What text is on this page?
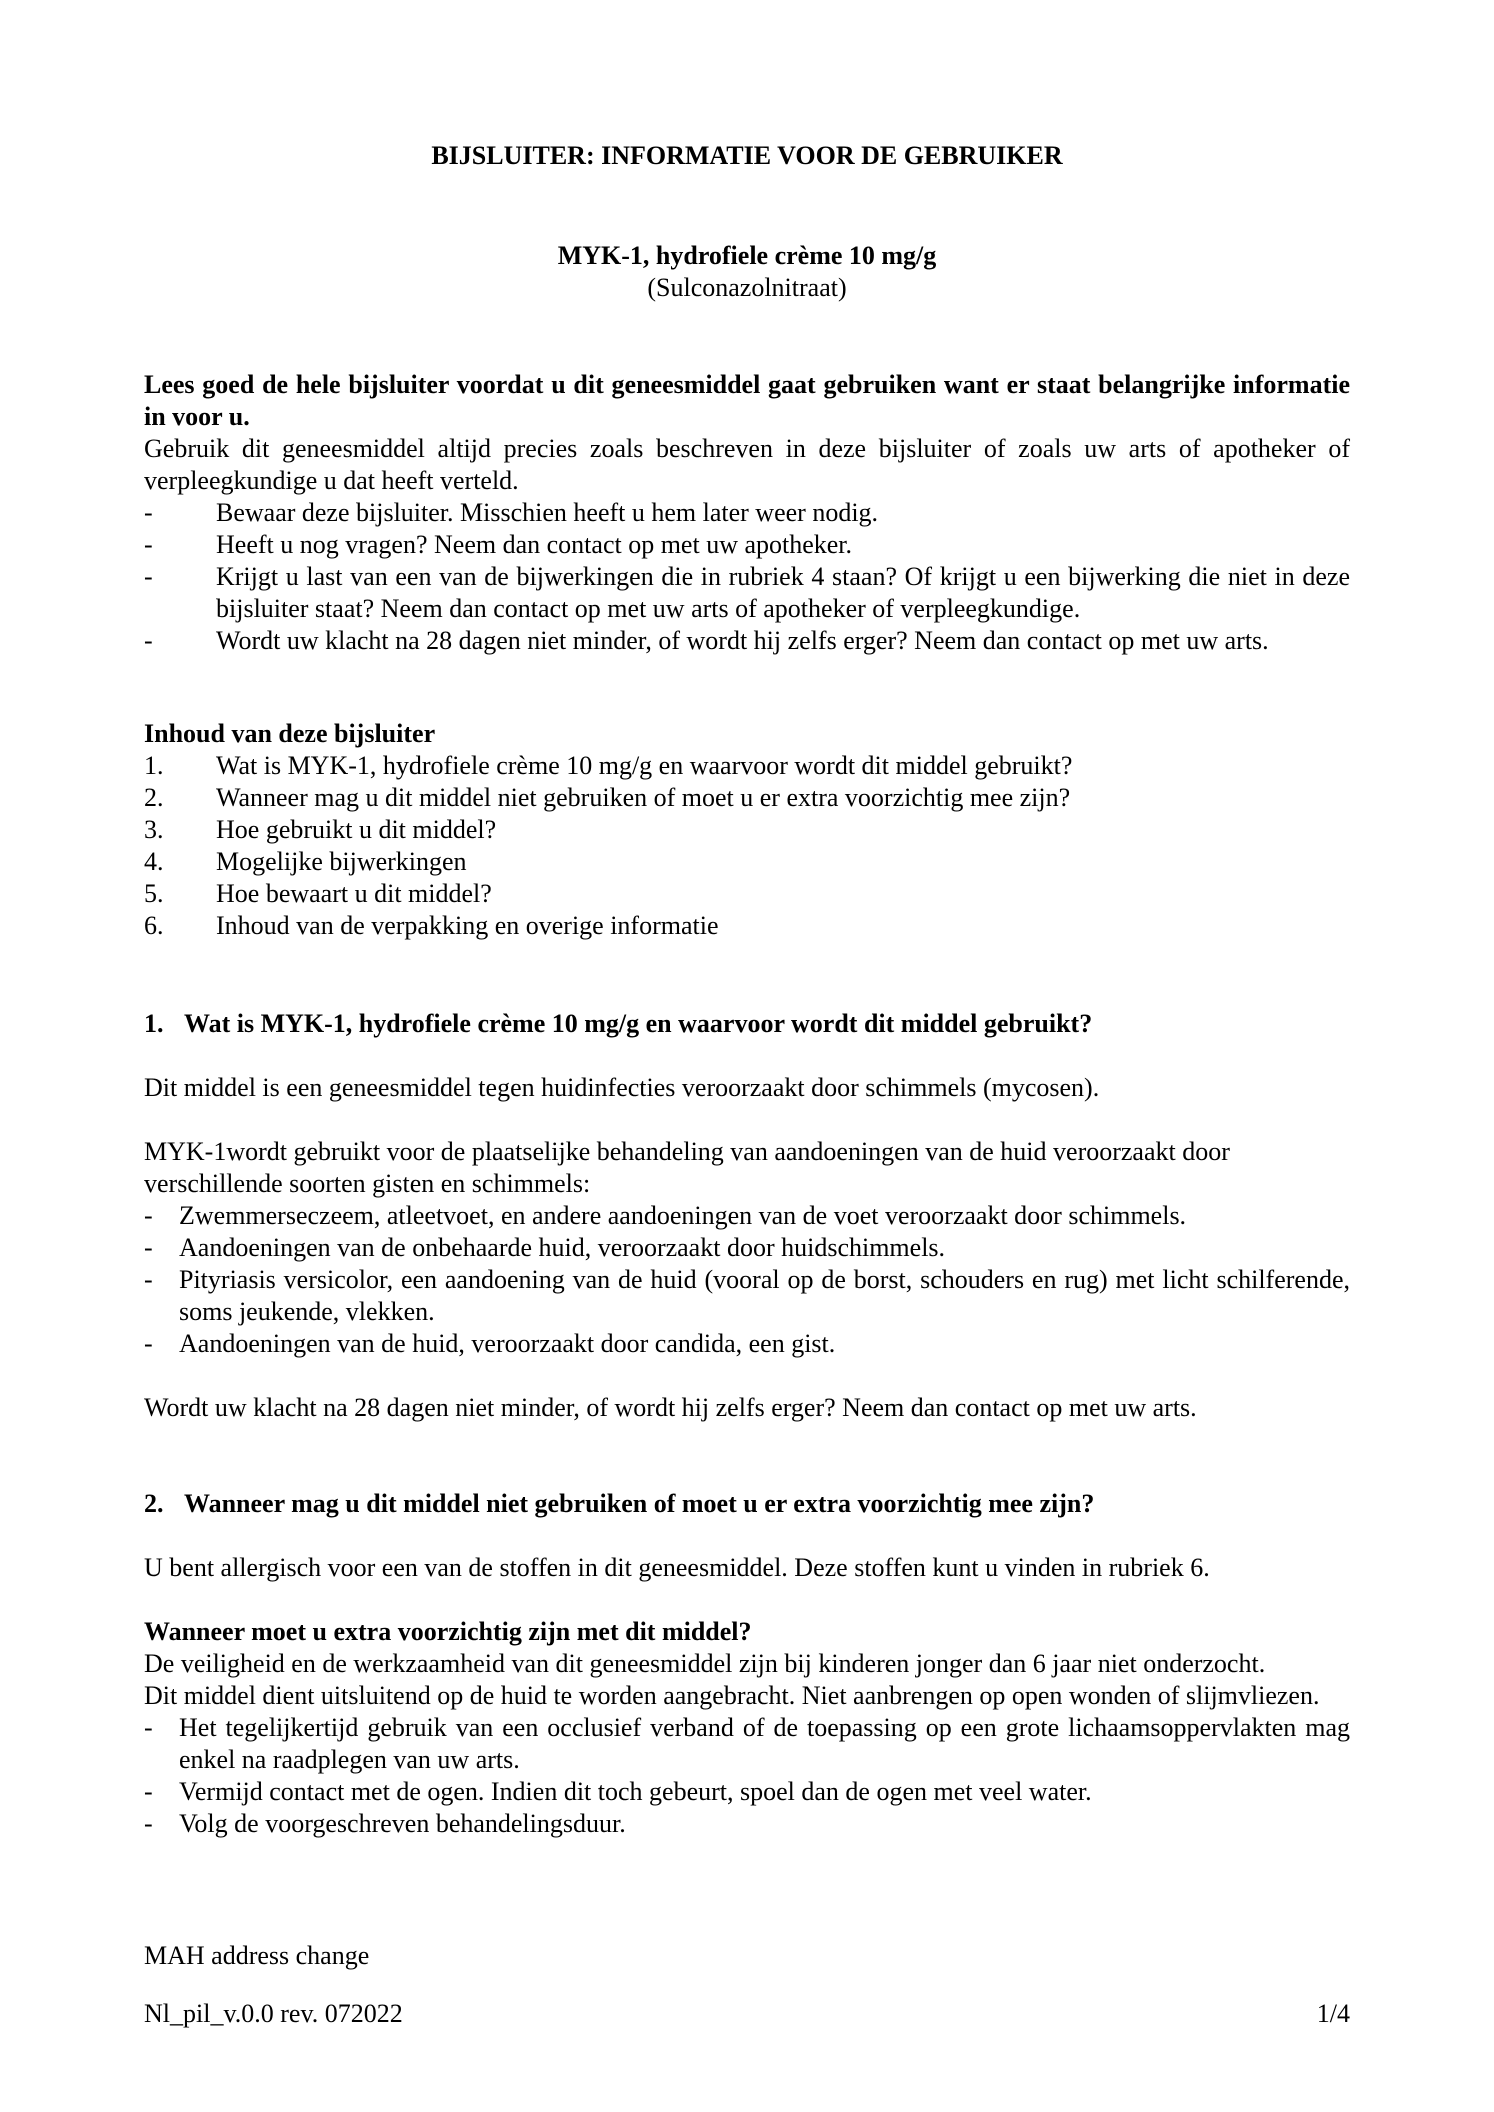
BIJSLUITER: INFORMATIE VOOR DE GEBRUIKER
MYK-1, hydrofiele crème 10 mg/g
(Sulconazolnitraat)
Lees goed de hele bijsluiter voordat u dit geneesmiddel gaat gebruiken want er staat belangrijke informatie in voor u.
Gebruik dit geneesmiddel altijd precies zoals beschreven in deze bijsluiter of zoals uw arts of apotheker of verpleegkundige u dat heeft verteld.
- Bewaar deze bijsluiter. Misschien heeft u hem later weer nodig.
- Heeft u nog vragen? Neem dan contact op met uw apotheker.
- Krijgt u last van een van de bijwerkingen die in rubriek 4 staan? Of krijgt u een bijwerking die niet in deze bijsluiter staat? Neem dan contact op met uw arts of apotheker of verpleegkundige.
- Wordt uw klacht na 28 dagen niet minder, of wordt hij zelfs erger? Neem dan contact op met uw arts.
Inhoud van deze bijsluiter
1. Wat is MYK-1, hydrofiele crème 10 mg/g en waarvoor wordt dit middel gebruikt?
2. Wanneer mag u dit middel niet gebruiken of moet u er extra voorzichtig mee zijn?
3. Hoe gebruikt u dit middel?
4. Mogelijke bijwerkingen
5. Hoe bewaart u dit middel?
6. Inhoud van de verpakking en overige informatie
1. Wat is MYK-1, hydrofiele crème 10 mg/g en waarvoor wordt dit middel gebruikt?
Dit middel is een geneesmiddel tegen huidinfecties veroorzaakt door schimmels (mycosen).
MYK-1wordt gebruikt voor de plaatselijke behandeling van aandoeningen van de huid veroorzaakt door verschillende soorten gisten en schimmels:
- Zwemmerseczeem, atleetvoet, en andere aandoeningen van de voet veroorzaakt door schimmels.
- Aandoeningen van de onbehaarde huid, veroorzaakt door huidschimmels.
- Pityriasis versicolor, een aandoening van de huid (vooral op de borst, schouders en rug) met licht schilferende, soms jeukende, vlekken.
- Aandoeningen van de huid, veroorzaakt door candida, een gist.
Wordt uw klacht na 28 dagen niet minder, of wordt hij zelfs erger? Neem dan contact op met uw arts.
2. Wanneer mag u dit middel niet gebruiken of moet u er extra voorzichtig mee zijn?
U bent allergisch voor een van de stoffen in dit geneesmiddel. Deze stoffen kunt u vinden in rubriek 6.
Wanneer moet u extra voorzichtig zijn met dit middel?
De veiligheid en de werkzaamheid van dit geneesmiddel zijn bij kinderen jonger dan 6 jaar niet onderzocht.
Dit middel dient uitsluitend op de huid te worden aangebracht. Niet aanbrengen op open wonden of slijmvliezen.
- Het tegelijkertijd gebruik van een occlusief verband of de toepassing op een grote lichaamsoppervlakten mag enkel na raadplegen van uw arts.
- Vermijd contact met de ogen. Indien dit toch gebeurt, spoel dan de ogen met veel water.
- Volg de voorgeschreven behandelingsduur.
MAH address change
Nl_pil_v.0.0 rev. 072022	1/4
